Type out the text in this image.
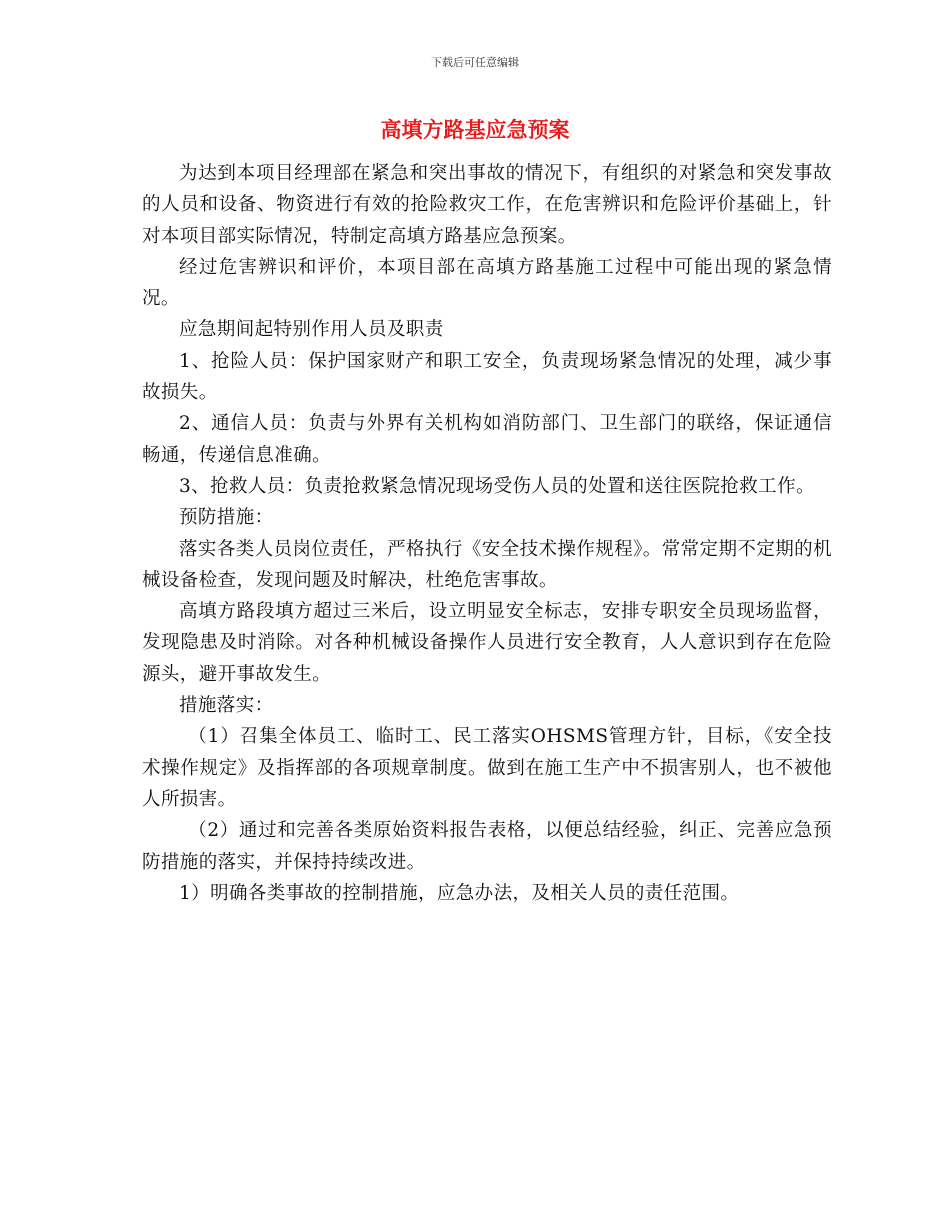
下载后可任意编辑
高填方路基应急预案

为达到本项目经理部在紧急和突出事故的情况下，有组织的对紧急和突发事故的人员和设备、物资进行有效的抢险救灾工作，在危害辨识和危险评价基础上，针对本项目部实际情况，特制定高填方路基应急预案。

经过危害辨识和评价，本项目部在高填方路基施工过程中可能出现的紧急情况。

应急期间起特别作用人员及职责

1、抢险人员：保护国家财产和职工安全，负责现场紧急情况的处理，减少事故损失。

2、通信人员：负责与外界有关机构如消防部门、卫生部门的联络，保证通信畅通，传递信息准确。

3、抢救人员：负责抢救紧急情况现场受伤人员的处置和送往医院抢救工作。

预防措施：

落实各类人员岗位责任，严格执行《安全技术操作规程》。常常定期不定期的机械设备检查，发现问题及时解决，杜绝危害事故。

高填方路段填方超过三米后，设立明显安全标志，安排专职安全员现场监督，发现隐患及时消除。对各种机械设备操作人员进行安全教育，人人意识到存在危险源头，避开事故发生。

措施落实：

（1）召集全体员工、临时工、民工落实OHSMS管理方针，目标，《安全技术操作规定》及指挥部的各项规章制度。做到在施工生产中不损害别人，也不被他人所损害。

（2）通过和完善各类原始资料报告表格，以便总结经验，纠正、完善应急预防措施的落实，并保持持续改进。

1）明确各类事故的控制措施，应急办法，及相关人员的责任范围。
